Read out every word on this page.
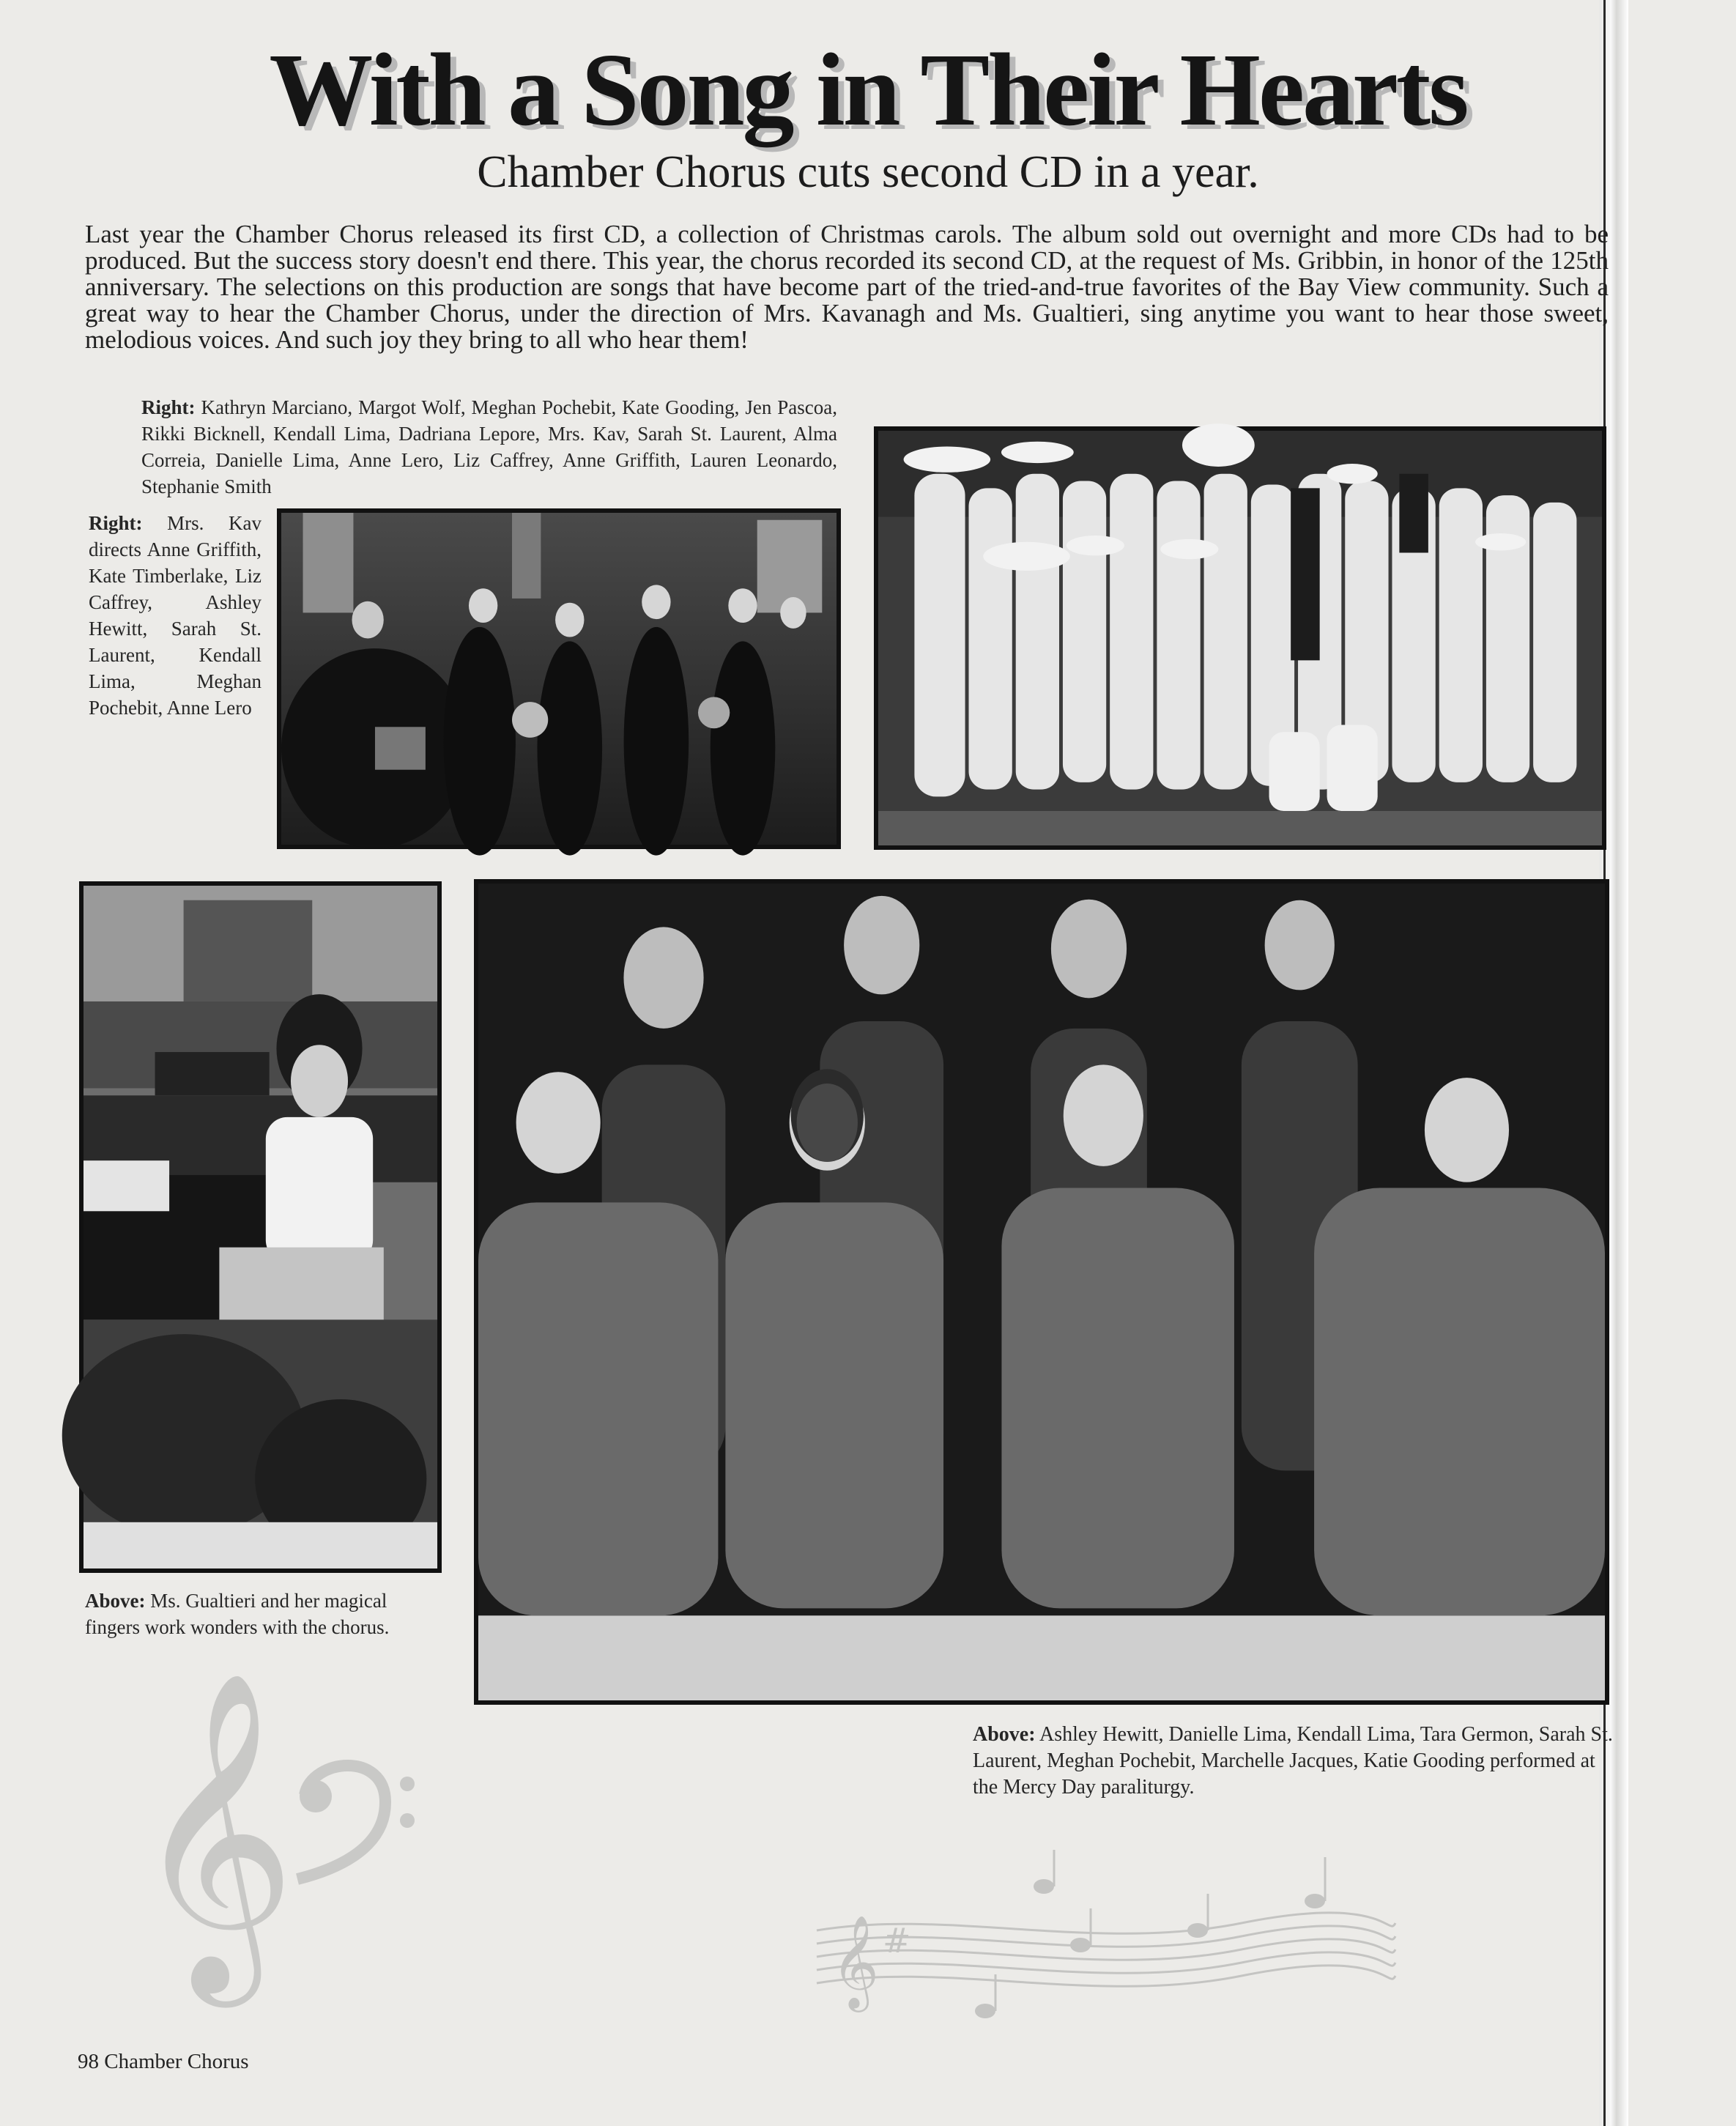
With a Song in Their Hearts
Chamber Chorus cuts second CD in a year.

Last year the Chamber Chorus released its first CD, a collection of Christmas carols. The album sold out overnight and more CDs had to be produced. But the success story doesn't end there. This year, the chorus recorded its second CD, at the request of Ms. Gribbin, in honor of the 125th anniversary. The selections on this production are songs that have become part of the tried-and-true favorites of the Bay View community. Such a great way to hear the Chamber Chorus, under the direction of Mrs. Kavanagh and Ms. Gualtieri, sing anytime you want to hear those sweet, melodious voices. And such joy they bring to all who hear them!

Right: Kathryn Marciano, Margot Wolf, Meghan Pochebit, Kate Gooding, Jen Pascoa, Rikki Bicknell, Kendall Lima, Dadriana Lepore, Mrs. Kav, Sarah St. Laurent, Alma Correia, Danielle Lima, Anne Lero, Liz Caffrey, Anne Griffith, Lauren Leonardo, Stephanie Smith
Right: Mrs. Kav directs Anne Griffith, Kate Timberlake, Liz Caffrey, Ashley Hewitt, Sarah St. Laurent, Kendall Lima, Meghan Pochebit, Anne Lero
Above: Ms. Gualtieri and her magical fingers work wonders with the chorus.
Above: Ashley Hewitt, Danielle Lima, Kendall Lima, Tara Germon, Sarah St. Laurent, Meghan Pochebit, Marchelle Jacques, Katie Gooding performed at the Mercy Day paraliturgy.
𝄞	𝄞 #
98 Chamber Chorus
